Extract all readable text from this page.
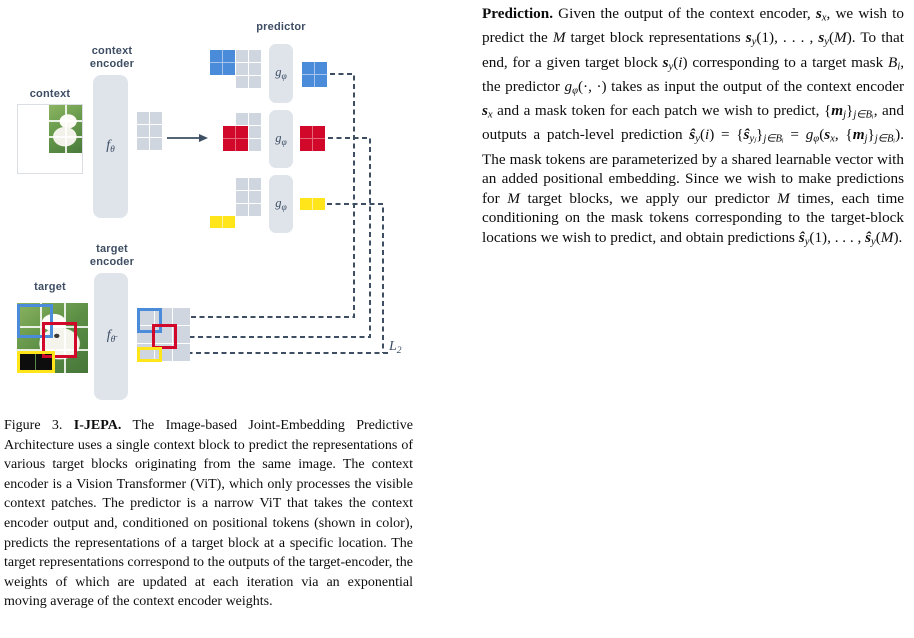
predictor
context
encoder
context
$f_\theta$
$g_\varphi$
$g_\varphi$
$g_\varphi$
target
encoder
target
$f_{\thetā}$	$L_2$

Figure 3. I-JEPA. The Image-based Joint-Embedding Predictive Architecture uses a single context block to predict the representations of various target blocks originating from the same image. The context encoder is a Vision Transformer (ViT), which only processes the visible context patches. The predictor is a narrow ViT that takes the context encoder output and, conditioned on positional tokens (shown in color), predicts the representations of a target block at a specific location. The target representations correspond to the outputs of the target-encoder, the weights of which are updated at each iteration via an exponential moving average of the context encoder weights.

Prediction. Given the output of the context encoder, $s_x$, we wish to predict the M target block representations $s_y(1)$, . . . , $s_y(M)$. To that end, for a given target block $s_y(i)$ corresponding to a target mask $B_i$, the predictor $g_\varphi(\cdot$, ·) takes as input the output of the context encoder $s_x$ and a mask token for each patch we wish to predict, $\{m_j\}_{j\in Bᵢ}$, and outputs a patch-level prediction $ŝ_y(i)$ = $\{ŝ_{yⱼ}\}_{j\in Bᵢ} = g_\varphi(s_x$, $\{m_j\}_{j\in Bᵢ}$). The mask tokens are parameterized by a shared learnable vector with an added positional embedding. Since we wish to make predictions for M target blocks, we apply our predictor M times, each time conditioning on the mask tokens corresponding to the target-block locations we wish to predict, and obtain predictions $ŝ_y(1)$, . . . , $ŝ_y(M)$.
